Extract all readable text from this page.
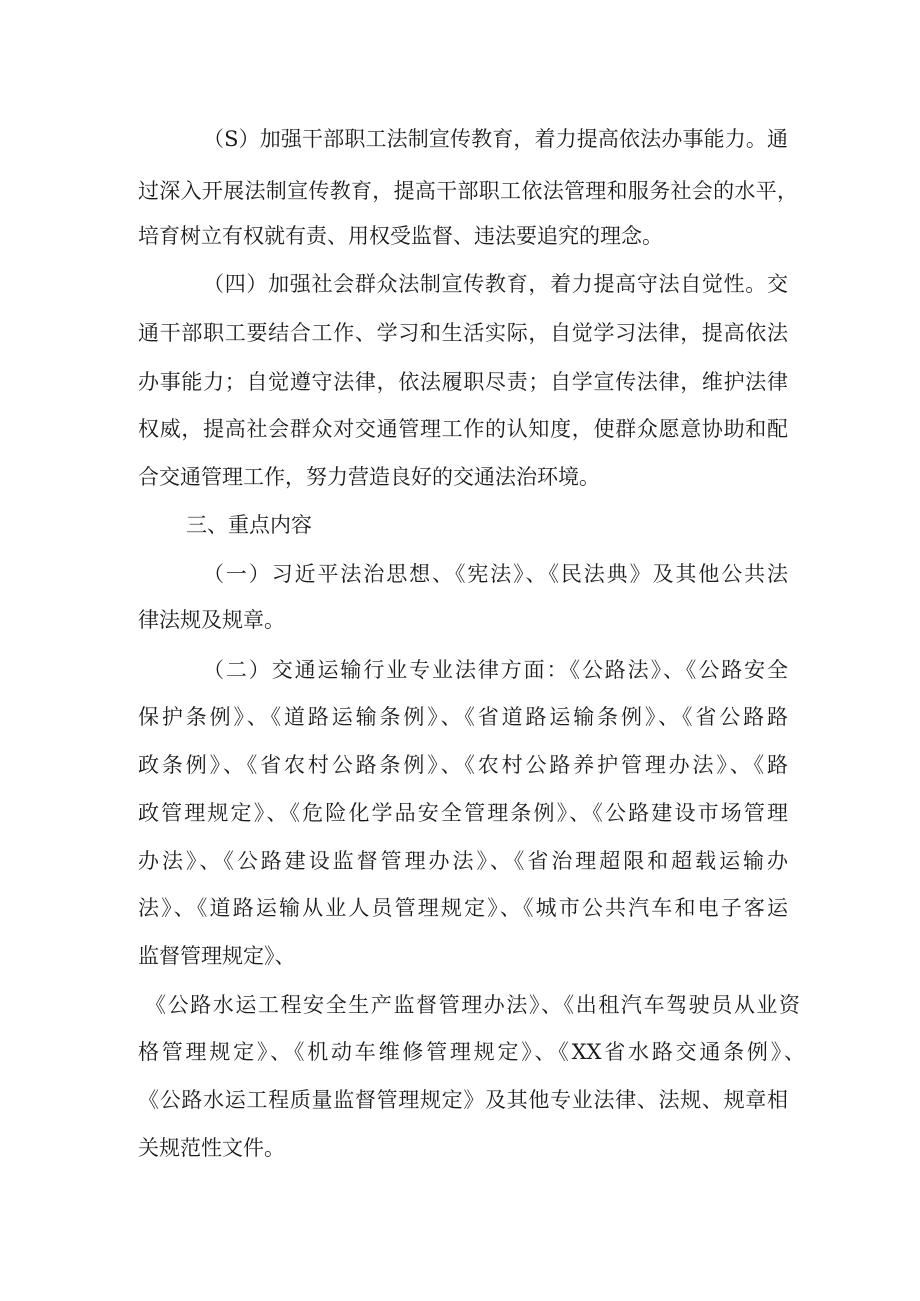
（S）加强干部职工法制宣传教育，着力提高依法办事能力。通
过深入开展法制宣传教育，提高干部职工依法管理和服务社会的水平，
培育树立有权就有责、用权受监督、违法要追究的理念。
（四）加强社会群众法制宣传教育，着力提高守法自觉性。交
通干部职工要结合工作、学习和生活实际，自觉学习法律，提高依法
办事能力；自觉遵守法律，依法履职尽责；自学宣传法律，维护法律
权威，提高社会群众对交通管理工作的认知度，使群众愿意协助和配
合交通管理工作，努力营造良好的交通法治环境。
三、重点内容
（一）习近平法治思想、《宪法》、《民法典》及其他公共法
律法规及规章。
（二）交通运输行业专业法律方面：《公路法》、《公路安全
保护条例》、《道路运输条例》、《省道路运输条例》、《省公路路
政条例》、《省农村公路条例》、《农村公路养护管理办法》、《路
政管理规定》、《危险化学品安全管理条例》、《公路建设市场管理
办法》、《公路建设监督管理办法》、《省治理超限和超载运输办
法》、《道路运输从业人员管理规定》、《城市公共汽车和电子客运
监督管理规定》、
《公路水运工程安全生产监督管理办法》、《出租汽车驾驶员从业资
格管理规定》、《机动车维修管理规定》、《XX省水路交通条例》、
《公路水运工程质量监督管理规定》及其他专业法律、法规、规章相
关规范性文件。
